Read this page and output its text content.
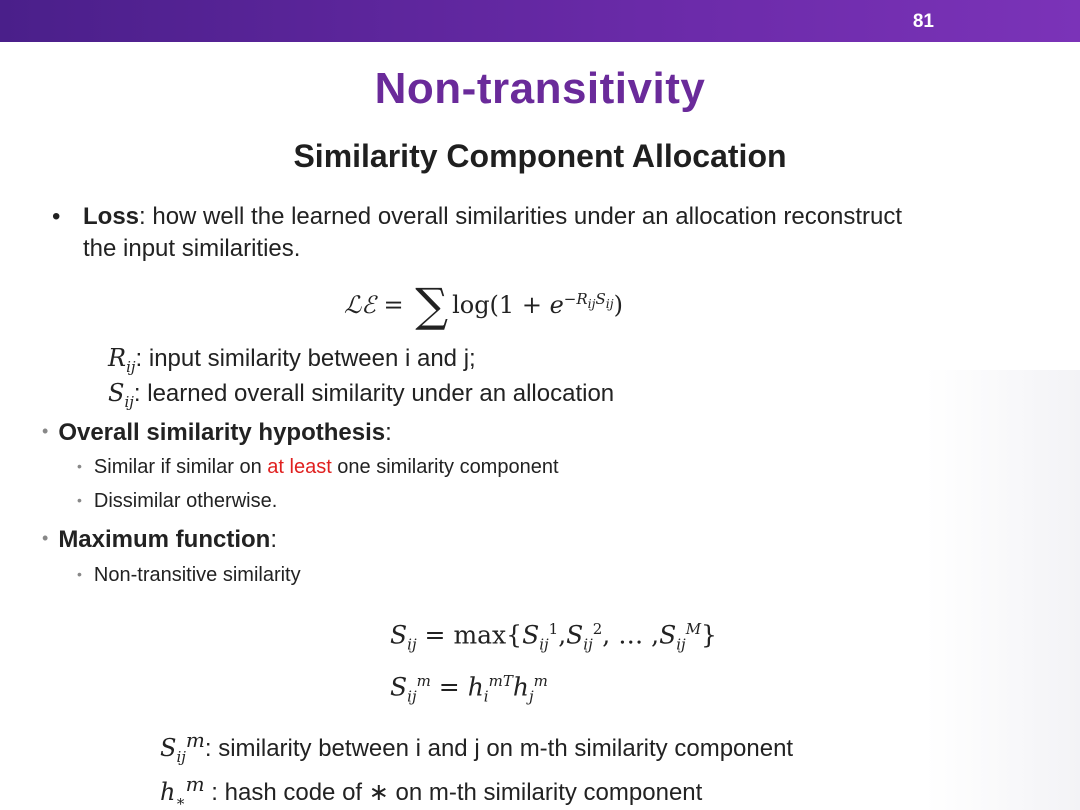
81
Non-transitivity
Similarity Component Allocation
• Loss: how well the learned overall similarities under an allocation reconstruct
the input similarities.
ℒℰ = ∑ $\log(1 + e^{-R_{ij}S_{ij}})$
$R_{ij}$: input similarity between i and j;
$S_{ij}$: learned overall similarity under an allocation
• Overall similarity hypothesis:
• Similar if similar on at least one similarity component
• Dissimilar otherwise.
• Maximum function:
• Non-transitive similarity
$S_{ij} = \max\{S_{ij}^1,S_{ij}^2$, … $,S_{ij}^M$}
$S_{ij}^m = h_i^{mT}h_j^m$
$S_{ij}^m$: similarity between i and j on m-th similarity component
$h_∗^m$ : hash code of ∗ on m-th similarity component
